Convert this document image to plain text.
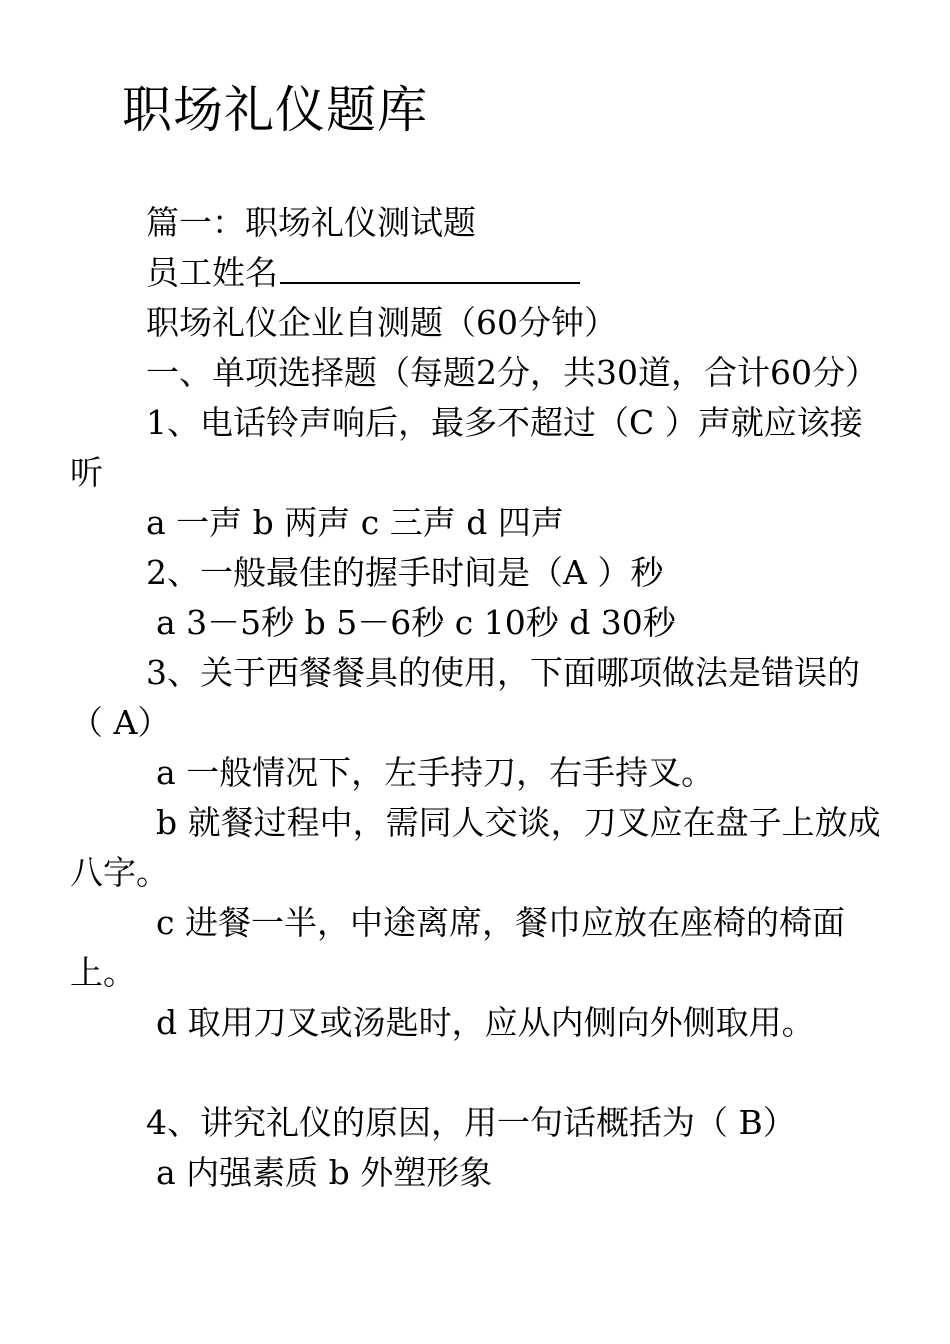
职场礼仪题库

篇一：职场礼仪测试题

员工姓名

职场礼仪企业自测题（60分钟）

一、单项选择题（每题2分，共30道，合计60分）

1、电话铃声响后，最多不超过（C ）声就应该接听

a 一声 b 两声 c 三声 d 四声

2、一般最佳的握手时间是（A ）秒

a 3－5秒 b 5－6秒 c 10秒 d 30秒

3、关于西餐餐具的使用，下面哪项做法是错误的（ A）

a 一般情况下，左手持刀，右手持叉。

b 就餐过程中，需同人交谈，刀叉应在盘子上放成八字。

c 进餐一半，中途离席，餐巾应放在座椅的椅面上。

d 取用刀叉或汤匙时，应从内侧向外侧取用。

4、讲究礼仪的原因，用一句话概括为（ B）

a 内强素质 b 外塑形象
